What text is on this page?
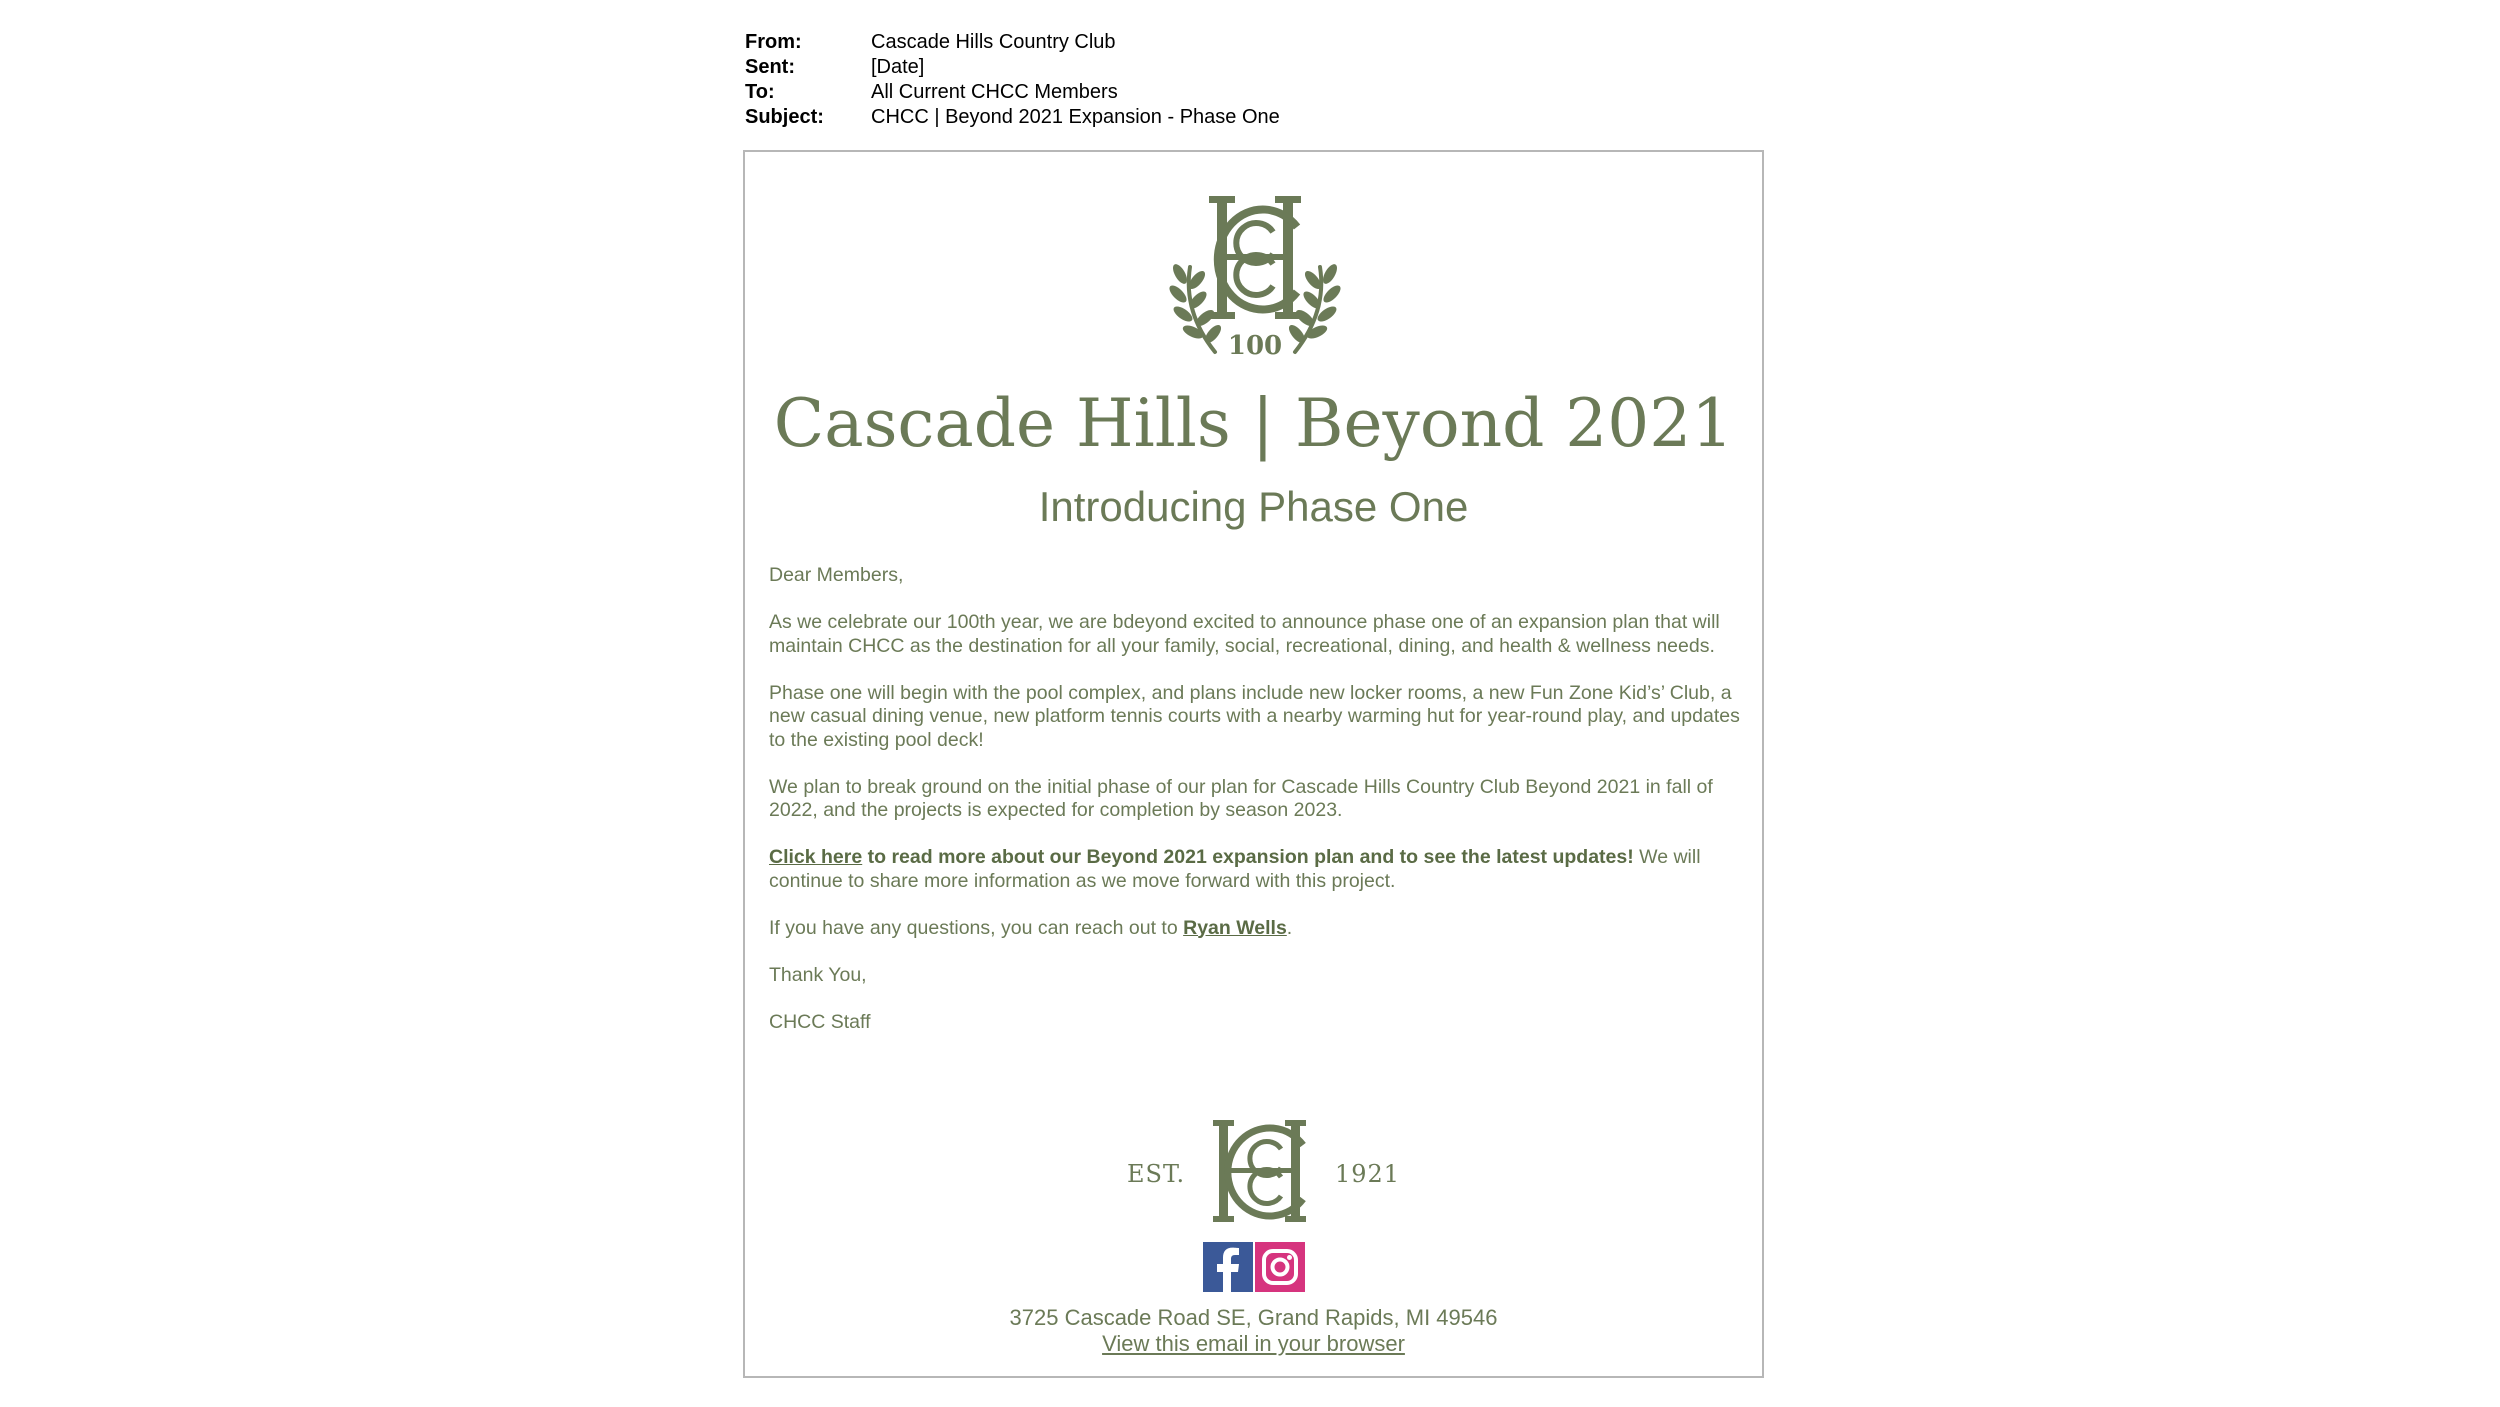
From:	Cascade Hills Country Club
Sent:	[Date]
To:	All Current CHCC Members
Subject:	CHCC | Beyond 2021 Expansion - Phase One
100
Cascade Hills | Beyond 2021
Introducing Phase One

Dear Members,

As we celebrate our 100th year, we are bdeyond excited to announce phase one of an expansion plan that will maintain CHCC as the destination for all your family, social, recreational, dining, and health & wellness needs.

Phase one will begin with the pool complex, and plans include new locker rooms, a new Fun Zone Kid’s’ Club, a new casual dining venue, new platform tennis courts with a nearby warming hut for year-round play, and updates to the existing pool deck!

We plan to break ground on the initial phase of our plan for Cascade Hills Country Club Beyond 2021 in fall of 2022, and the projects is expected for completion by season 2023.

Click here to read more about our Beyond 2021 expansion plan and to see the latest updates! We will continue to share more information as we move forward with this project.

If you have any questions, you can reach out to Ryan Wells.

Thank You,

CHCC Staff

EST.	1921
3725 Cascade Road SE, Grand Rapids, MI 49546
View this email in your browser
